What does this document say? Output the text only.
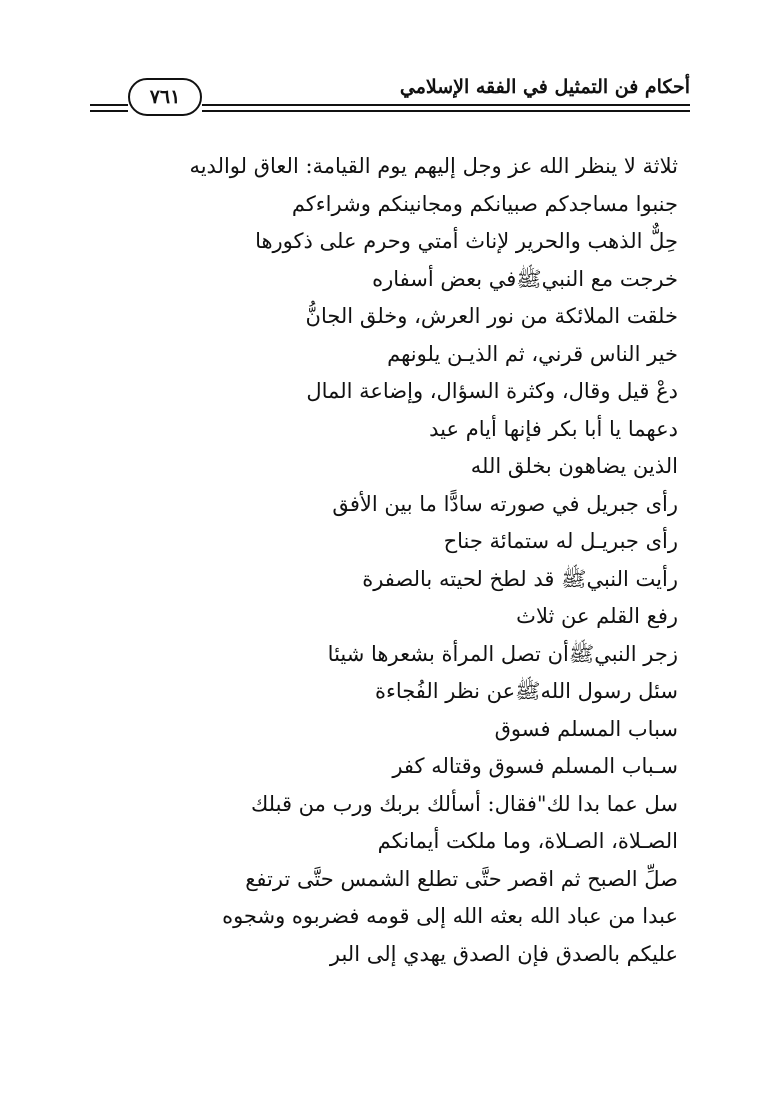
أحكام فن التمثيل في الفقه الإسلامي
٧٦١
ثلاثة لا ينظر الله عز وجل إليهم يوم القيامة: العاق لوالديه
جنبوا مساجدكم صبيانكم ومجانينكم وشراءكم
حِلٌّ الذهب والحرير لإناث أمتي وحرم على ذكورها
خرجت مع النبيﷺفي بعض أسفاره
خلقت الملائكة من نور العرش، وخلق الجانُّ
خير الناس قرني، ثم الذيـن يلونهم
دعْ قيل وقال، وكثرة السؤال، وإضاعة المال
دعهما يا أبا بكر فإنها أيام عيد
الذين يضاهون بخلق الله
رأى جبريل في صورته سادًّا ما بين الأفق
رأى جبريـل له ستمائة جناح
رأيت النبيﷺ قد لطخ لحيته بالصفرة
رفع القلم عن ثلاث
زجر النبيﷺأن تصل المرأة بشعرها شيئا
سئل رسول اللهﷺعن نظر الفُجاءة
سباب المسلم فسوق
سـباب المسلم فسوق وقتاله كفر
سل عما بدا لك"فقال: أسألك بربك ورب من قبلك
الصـلاة، الصـلاة، وما ملكت أيمانكم
صلِّ الصبح ثم اقصر حتَّى تطلع الشمس حتَّى ترتفع
عبدا من عباد الله بعثه الله إلى قومه فضربوه وشجوه
عليكم بالصدق فإن الصدق يهدي إلى البر
